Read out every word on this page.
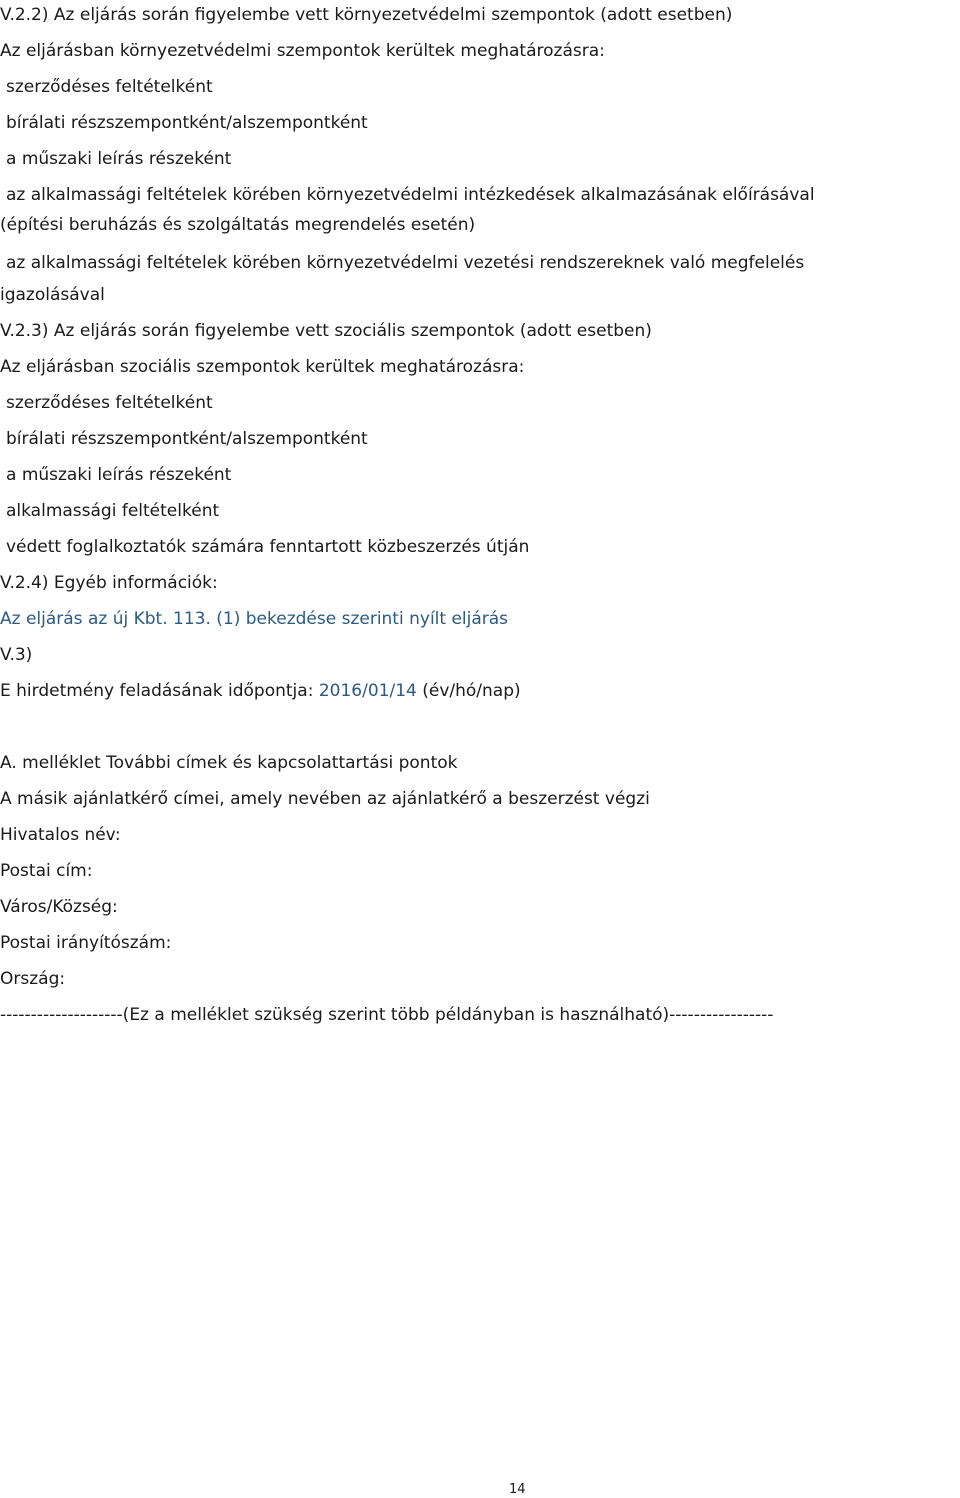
V.2.2) Az eljárás során figyelembe vett környezetvédelmi szempontok (adott esetben)
Az eljárásban környezetvédelmi szempontok kerültek meghatározásra:
szerződéses feltételként
bírálati részszempontként/alszempontként
a műszaki leírás részeként
az alkalmassági feltételek körében környezetvédelmi intézkedések alkalmazásának előírásával
(építési beruházás és szolgáltatás megrendelés esetén)
az alkalmassági feltételek körében környezetvédelmi vezetési rendszereknek való megfelelés
igazolásával
V.2.3) Az eljárás során figyelembe vett szociális szempontok (adott esetben)
Az eljárásban szociális szempontok kerültek meghatározásra:
szerződéses feltételként
bírálati részszempontként/alszempontként
a műszaki leírás részeként
alkalmassági feltételként
védett foglalkoztatók számára fenntartott közbeszerzés útján
V.2.4) Egyéb információk:
Az eljárás az új Kbt. 113. (1) bekezdése szerinti nyílt eljárás
V.3)
E hirdetmény feladásának időpontja: 2016/01/14 (év/hó/nap)
A. melléklet További címek és kapcsolattartási pontok
A másik ajánlatkérő címei, amely nevében az ajánlatkérő a beszerzést végzi
Hivatalos név:
Postai cím:
Város/Község:
Postai irányítószám:
Ország:
--------------------(Ez a melléklet szükség szerint több példányban is használható)-----------------
14
